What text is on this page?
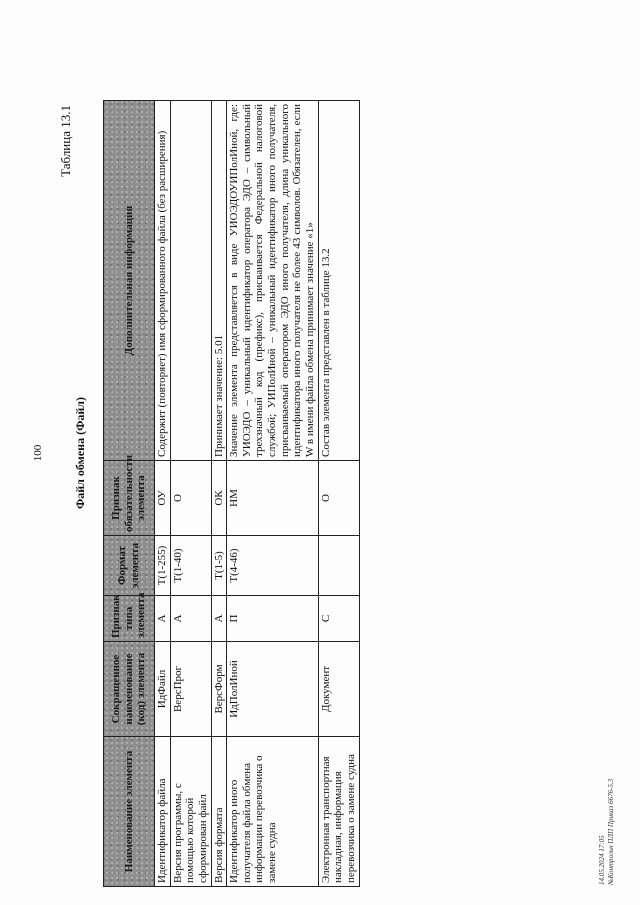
100
Таблица 13.1
Файл обмена (Файл)
Наименование элемента	Сокращенное наименование (код) элемента	Признак типа элемента	Формат элемента	Признак обязательности элемента	Дополнительная информация
Идентификатор файла	ИдФайл	А	Т(1-255)	ОУ	Содержит (повторяет) имя сформированного файла (без расширения)
Версия программы, с помощью которой сформирован файл	ВерсПрог	А	Т(1-40)	О	
Версия формата	ВерсФорм	А	Т(1-5)	ОК	Принимает значение: 5.01
Идентификатор иного получателя файла обмена информации перевозчика о замене судна	ИдПолИной	П	Т(4-46)	НМ	Значение элемента представляется в виде УИОЭДОУИПолИной, где: УИОЭДО – уникальный идентификатор оператора ЭДО – символьный трехзначный код (префикс), присваивается Федеральной налоговой службой; УИПолИной – уникальный идентификатор иного получателя, присваиваемый оператором ЭДО иного получателя, длина уникального идентификатора иного получателя не более 43 символов. Обязателен, если W в имени файла обмена принимает значение «1»
Электронная транспортная накладная, информация перевозчика о замене судна	Документ	С		О	Состав элемента представлен в таблице 13.2
14.05.2024 17:05 №Контрольн ПЛП Приказ 6676-5.3
